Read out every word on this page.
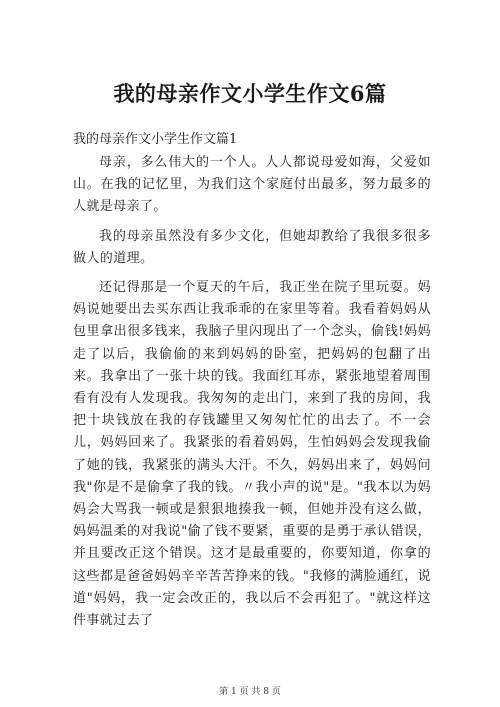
我的母亲作文小学生作文6篇

我的母亲作文小学生作文篇1

母亲，多么伟大的一个人。人人都说母爱如海，父爱如山。在我的记忆里，为我们这个家庭付出最多，努力最多的人就是母亲了。

我的母亲虽然没有多少文化，但她却教给了我很多很多做人的道理。

还记得那是一个夏天的午后，我正坐在院子里玩耍。妈妈说她要出去买东西让我乖乖的在家里等着。我看着妈妈从包里拿出很多钱来，我脑子里闪现出了一个念头，偷钱!妈妈走了以后，我偷偷的来到妈妈的卧室，把妈妈的包翻了出来。我拿出了一张十块的钱。我面红耳赤，紧张地望着周围看有没有人发现我。我匆匆的走出门，来到了我的房间，我把十块钱放在我的存钱罐里又匆匆忙忙的出去了。不一会儿，妈妈回来了。我紧张的看着妈妈，生怕妈妈会发现我偷了她的钱，我紧张的满头大汗。不久，妈妈出来了，妈妈问我"你是不是偷拿了我的钱。〃我小声的说"是。"我本以为妈妈会大骂我一顿或是狠狠地揍我一顿，但她并没有这么做，妈妈温柔的对我说"偷了钱不要紧，重要的是勇于承认错误，并且要改正这个错误。这才是最重要的，你要知道，你拿的这些都是爸爸妈妈辛辛苦苦挣来的钱。"我修的满脸通红，说道"妈妈，我一定会改正的，我以后不会再犯了。"就这样这件事就过去了

第 1 页 共 8 页
